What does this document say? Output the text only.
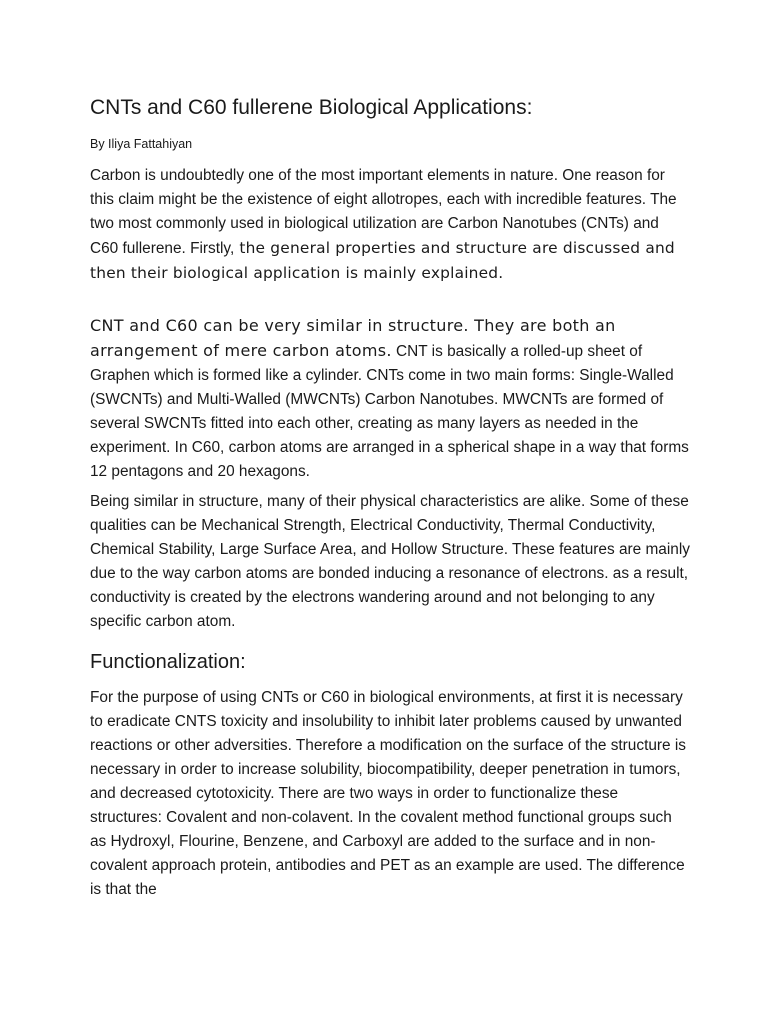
CNTs and C60 fullerene Biological Applications:

By Iliya Fattahiyan

Carbon is undoubtedly one of the most important elements in nature. One reason for this claim might be the existence of eight allotropes, each with incredible features. The two most commonly used in biological utilization are Carbon Nanotubes (CNTs) and C60 fullerene. Firstly, the general properties and structure are discussed and then their biological application is mainly explained.

CNT and C60 can be very similar in structure. They are both an arrangement of mere carbon atoms. CNT is basically a rolled-up sheet of Graphen which is formed like a cylinder. CNTs come in two main forms: Single-Walled (SWCNTs) and Multi-Walled (MWCNTs) Carbon Nanotubes. MWCNTs are formed of several SWCNTs fitted into each other, creating as many layers as needed in the experiment. In C60, carbon atoms are arranged in a spherical shape in a way that forms 12 pentagons and 20 hexagons.

Being similar in structure, many of their physical characteristics are alike. Some of these qualities can be Mechanical Strength, Electrical Conductivity, Thermal Conductivity, Chemical Stability, Large Surface Area, and Hollow Structure. These features are mainly due to the way carbon atoms are bonded inducing a resonance of electrons. as a result, conductivity is created by the electrons wandering around and not belonging to any specific carbon atom.

Functionalization:

For the purpose of using CNTs or C60 in biological environments, at first it is necessary to eradicate CNTS toxicity and insolubility to inhibit later problems caused by unwanted reactions or other adversities. Therefore a modification on the surface of the structure is necessary in order to increase solubility, biocompatibility, deeper penetration in tumors, and decreased cytotoxicity. There are two ways in order to functionalize these structures: Covalent and non-colavent. In the covalent method functional groups such as Hydroxyl, Flourine, Benzene, and Carboxyl are added to the surface and in non-covalent approach protein, antibodies and PET as an example are used. The difference is that the
